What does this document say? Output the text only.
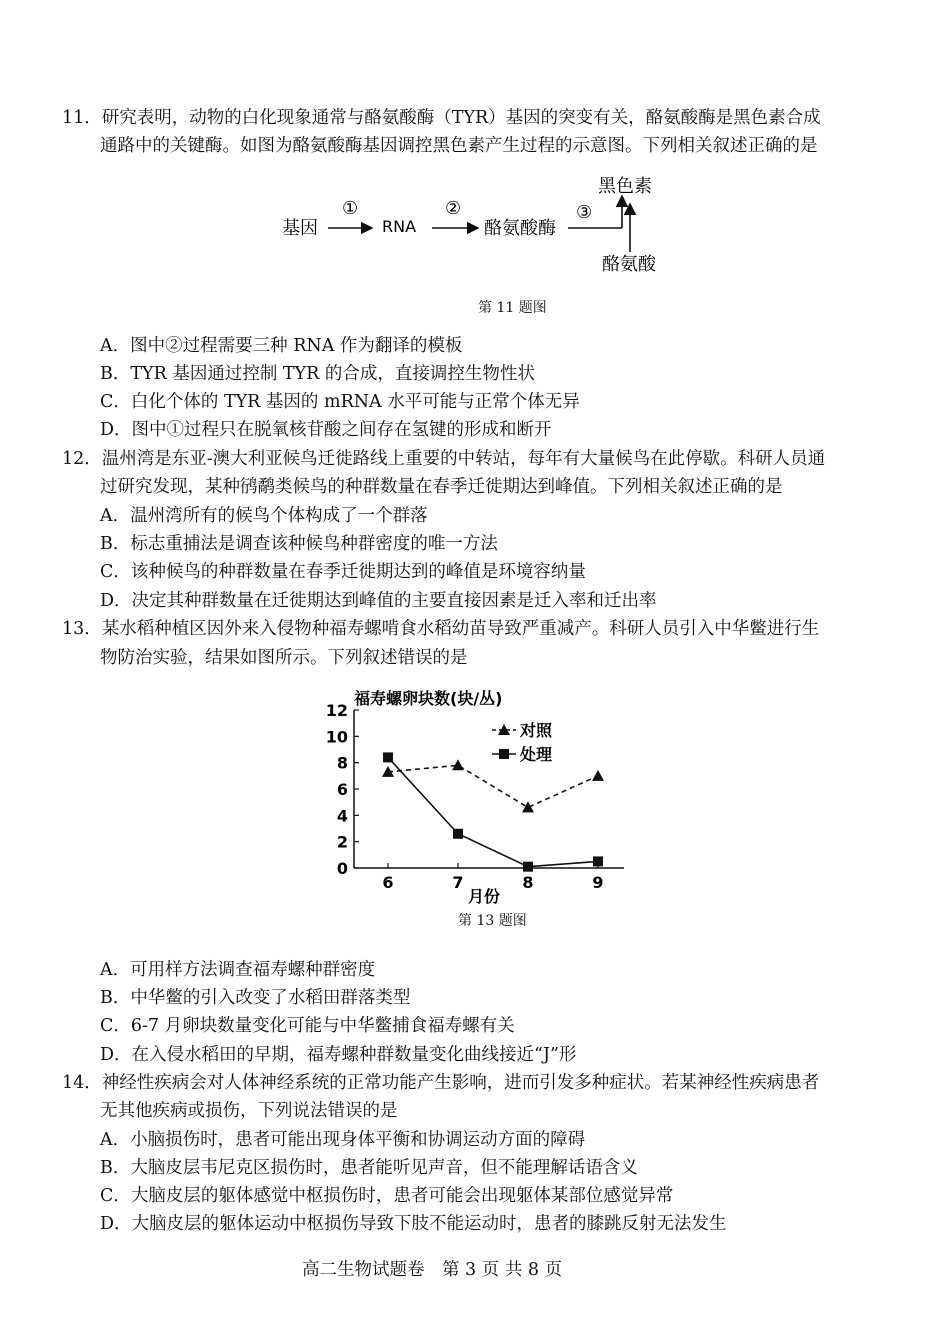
11．研究表明，动物的白化现象通常与酪氨酸酶（TYR）基因的突变有关，酪氨酸酶是黑色素合成
通路中的关键酶。如图为酪氨酸酶基因调控黑色素产生过程的示意图。下列相关叙述正确的是
基因
①
RNA
②
酪氨酸酶
③
黑色素
酪氨酸
第 11 题图
A．图中②过程需要三种 RNA 作为翻译的模板
B．TYR 基因通过控制 TYR 的合成，直接调控生物性状
C．白化个体的 TYR 基因的 mRNA 水平可能与正常个体无异
D．图中①过程只在脱氧核苷酸之间存在氢键的形成和断开
12．温州湾是东亚-澳大利亚候鸟迁徙路线上重要的中转站，每年有大量候鸟在此停歇。科研人员通
过研究发现，某种鸻鹬类候鸟的种群数量在春季迁徙期达到峰值。下列相关叙述正确的是
A．温州湾所有的候鸟个体构成了一个群落
B．标志重捕法是调查该种候鸟种群密度的唯一方法
C．该种候鸟的种群数量在春季迁徙期达到的峰值是环境容纳量
D．决定其种群数量在迁徙期达到峰值的主要直接因素是迁入率和迁出率
13．某水稻种植区因外来入侵物种福寿螺啃食水稻幼苗导致严重减产。科研人员引入中华鳖进行生
物防治实验，结果如图所示。下列叙述错误的是
福寿螺卵块数(块/丛)
0
2
4
6
8
10
12
6	7	8	9
对照
处理
月份
第 13 题图
A．可用样方法调查福寿螺种群密度
B．中华鳖的引入改变了水稻田群落类型
C．6-7 月卵块数量变化可能与中华鳖捕食福寿螺有关
D．在入侵水稻田的早期，福寿螺种群数量变化曲线接近“J”形
14．神经性疾病会对人体神经系统的正常功能产生影响，进而引发多种症状。若某神经性疾病患者
无其他疾病或损伤，下列说法错误的是
A．小脑损伤时，患者可能出现身体平衡和协调运动方面的障碍
B．大脑皮层韦尼克区损伤时，患者能听见声音，但不能理解话语含义
C．大脑皮层的躯体感觉中枢损伤时，患者可能会出现躯体某部位感觉异常
D．大脑皮层的躯体运动中枢损伤导致下肢不能运动时，患者的膝跳反射无法发生
高二生物试题卷　第 3 页 共 8 页
